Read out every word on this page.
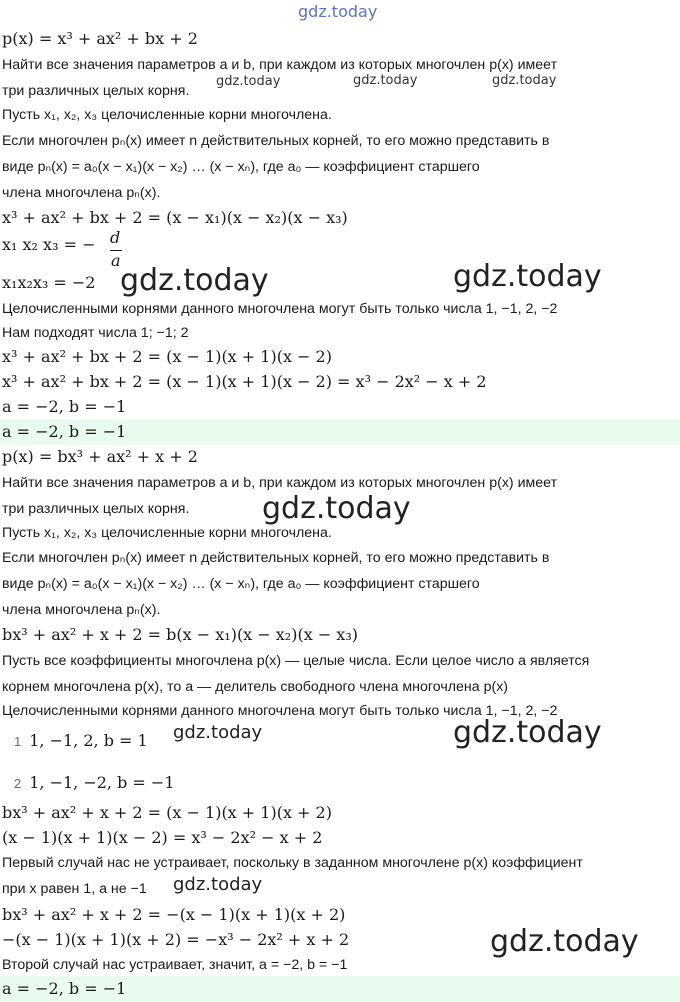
gdz.today
p(x) = x³ + ax² + bx + 2
Найти все значения параметров a и b, при каждом из которых многочлен p(x) имеет
три различных целых корня.
Пусть x₁, x₂, x₃ целочисленные корни многочлена.
Если многочлен pₙ(x) имеет n действительных корней, то его можно представить в
виде pₙ(x) = a₀(x − x₁)(x − x₂) … (x − xₙ), где a₀ — коэффициент старшего
члена многочлена pₙ(x).
x³ + ax² + bx + 2 = (x − x₁)(x − x₂)(x − x₃)
x₁ x₂ x₃ = − d
a
x₁x₂x₃ = −2
Целочисленными корнями данного многочлена могут быть только числа 1, −1, 2, −2
Нам подходят числа 1; −1; 2
x³ + ax² + bx + 2 = (x − 1)(x + 1)(x − 2)
x³ + ax² + bx + 2 = (x − 1)(x + 1)(x − 2) = x³ − 2x² − x + 2
a = −2, b = −1
a = −2, b = −1
p(x) = bx³ + ax² + x + 2
Найти все значения параметров a и b, при каждом из которых многочлен p(x) имеет
три различных целых корня.
Пусть x₁, x₂, x₃ целочисленные корни многочлена.
Если многочлен pₙ(x) имеет n действительных корней, то его можно представить в
виде pₙ(x) = a₀(x − x₁)(x − x₂) … (x − xₙ), где a₀ — коэффициент старшего
члена многочлена pₙ(x).
bx³ + ax² + x + 2 = b(x − x₁)(x − x₂)(x − x₃)
Пусть все коэффициенты многочлена p(x) — целые числа. Если целое число a является
корнем многочлена p(x), то a — делитель свободного члена многочлена p(x)
Целочисленными корнями данного многочлена могут быть только числа 1, −1, 2, −2
1 1, −1, 2, b = 1
2 1, −1, −2, b = −1
bx³ + ax² + x + 2 = (x − 1)(x + 1)(x + 2)
(x − 1)(x + 1)(x − 2) = x³ − 2x² − x + 2
Первый случай нас не устраивает, поскольку в заданном многочлене p(x) коэффициент
при x равен 1, а не −1
bx³ + ax² + x + 2 = −(x − 1)(x + 1)(x + 2)
−(x − 1)(x + 1)(x + 2) = −x³ − 2x² + x + 2
Второй случай нас устраивает, значит, a = −2, b = −1
a = −2, b = −1
gdz.today	gdz.today	gdz.today
gdz.today	gdz.today
gdz.today
gdz.today	gdz.today
gdz.today
gdz.today
